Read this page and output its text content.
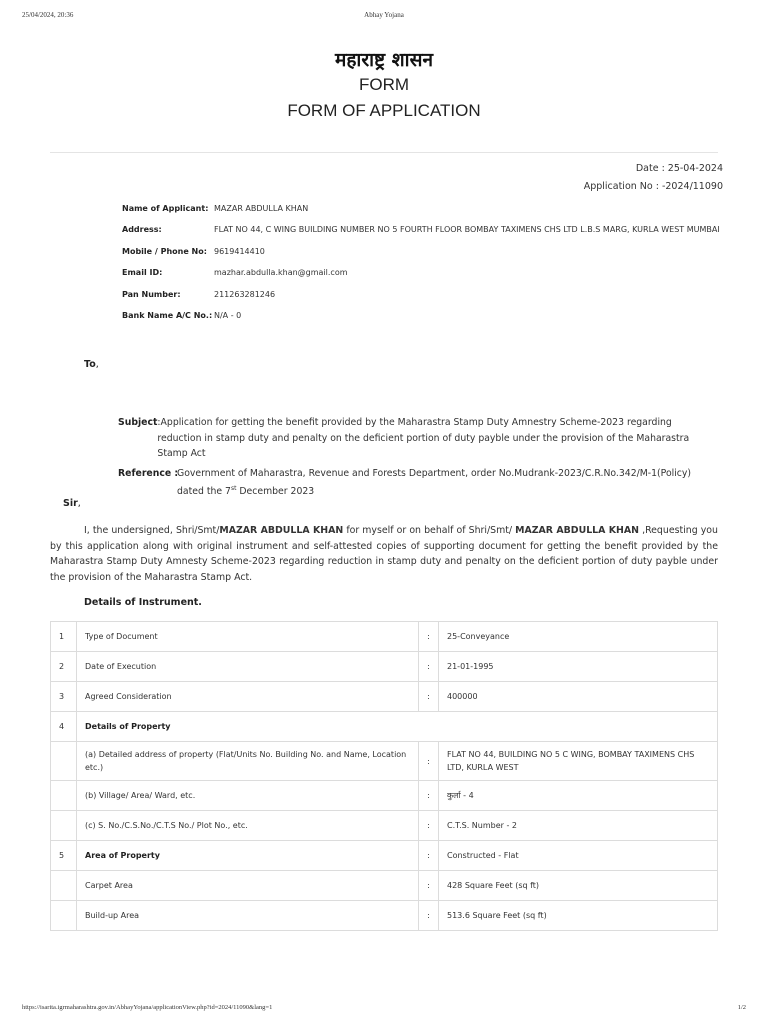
25/04/2024, 20:36	Abhay Yojana
महाराष्ट्र शासन
FORM
FORM OF APPLICATION
Date : 25-04-2024
Application No : -2024/11090
Name of Applicant: MAZAR ABDULLA KHAN
Address:	FLAT NO 44, C WING BUILDING NUMBER NO 5 FOURTH FLOOR BOMBAY TAXIMENS CHS LTD L.B.S MARG, KURLA WEST MUMBAI
Mobile / Phone No: 9619414410
Email ID:	mazhar.abdulla.khan@gmail.com
Pan Number:	211263281246
Bank Name A/C No.: N/A - 0
To,
Subject :Application for getting the benefit provided by the Maharastra Stamp Duty Amnestry Scheme-2023 regarding reduction in stamp duty and penalty on the deficient portion of duty payble under the provision of the Maharastra Stamp Act
Reference :
Government of Maharastra, Revenue and Forests Department, order No.Mudrank-2023/C.R.No.342/M-1(Policy) dated the 7st December 2023
Sir,
I, the undersigned, Shri/Smt/MAZAR ABDULLA KHAN for myself or on behalf of Shri/Smt/ MAZAR ABDULLA KHAN ,Requesting you by this application along with original instrument and self-attested copies of supporting document for getting the benefit provided by the Maharastra Stamp Duty Amnesty Scheme-2023 regarding reduction in stamp duty and penalty on the deficient portion of duty payble under the provision of the Maharastra Stamp Act.
Details of Instrument.
1	Type of Document	:	25-Conveyance
2	Date of Execution	:	21-01-1995
3	Agreed Consideration	:	400000
4	Details of Property		
	(a) Detailed address of property (Flat/Units No. Building No. and Name, Location etc.)	:	FLAT NO 44, BUILDING NO 5 C WING, BOMBAY TAXIMENS CHS LTD, KURLA WEST
	(b) Village/ Area/ Ward, etc.	:	कुर्ला - 4
	(c) S. No./C.S.No./C.T.S No./ Plot No., etc.	:	C.T.S. Number - 2
5	Area of Property	:	Constructed - Flat
	Carpet Area	:	428 Square Feet (sq ft)
	Build-up Area	:	513.6 Square Feet (sq ft)
https://isarita.igrmaharashtra.gov.in/AbhayYojana/applicationView.php?id=2024/11090&lang=1	1/2
